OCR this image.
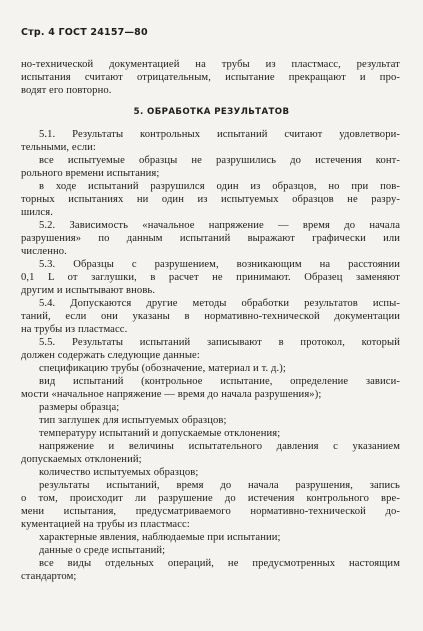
Стр. 4 ГОСТ 24157—80
5. ОБРАБОТКА РЕЗУЛЬТАТОВ
но-технической документацией на трубы из пластмасс, результат
испытания считают отрицательным, испытание прекращают и про-
водят его повторно.
5.1. Результаты контрольных испытаний считают удовлетвори-
тельными, если:
все испытуемые образцы не разрушились до истечения конт-
рольного времени испытания;
в ходе испытаний разрушился один из образцов, но при пов-
торных испытаниях ни один из испытуемых образцов не разру-
шился.
5.2. Зависимость «начальное напряжение — время до начала
разрушения» по данным испытаний выражают графически или
численно.
5.3. Образцы с разрушением, возникающим на расстоянии
0,1 L от заглушки, в расчет не принимают. Образец заменяют
другим и испытывают вновь.
5.4. Допускаются другие методы обработки результатов испы-
таний, если они указаны в нормативно-технической документации
на трубы из пластмасс.
5.5. Результаты испытаний записывают в протокол, который
должен содержать следующие данные:
спецификацию трубы (обозначение, материал и т. д.);
вид испытаний (контрольное испытание, определение зависи-
мости «начальное напряжение — время до начала разрушения»);
размеры образца;
тип заглушек для испытуемых образцов;
температуру испытаний и допускаемые отклонения;
напряжение и величины испытательного давления с указанием
допускаемых отклонений;
количество испытуемых образцов;
результаты испытаний, время до начала разрушения, запись
о том, происходит ли разрушение до истечения контрольного вре-
мени испытания, предусматриваемого нормативно-технической до-
кументацией на трубы из пластмасс:
характерные явления, наблюдаемые при испытании;
данные о среде испытаний;
все виды отдельных операций, не предусмотренных настоящим
стандартом;
